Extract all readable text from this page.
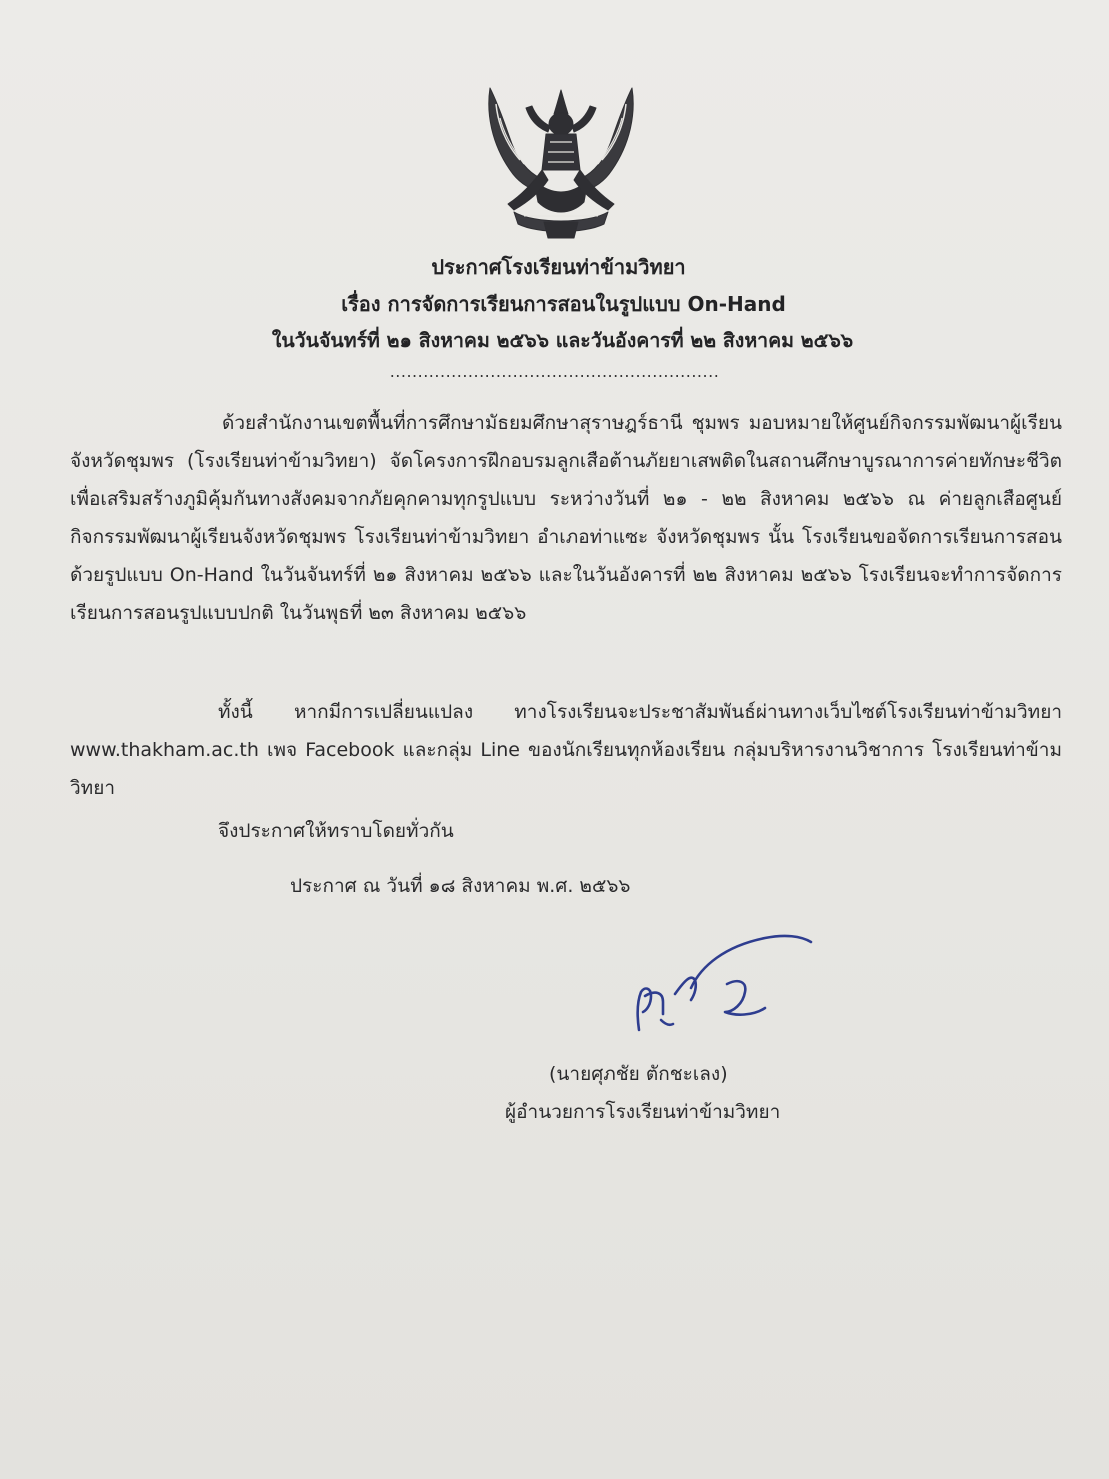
ประกาศโรงเรียนท่าข้ามวิทยา
เรื่อง การจัดการเรียนการสอนในรูปแบบ On-Hand
ในวันจันทร์ที่ ๒๑ สิงหาคม ๒๕๖๖ และวันอังคารที่ ๒๒ สิงหาคม ๒๕๖๖
...........................................................
ด้วยสำนักงานเขตพื้นที่การศึกษามัธยมศึกษาสุราษฎร์ธานี ชุมพร มอบหมายให้ศูนย์กิจกรรมพัฒนาผู้เรียนจังหวัดชุมพร (โรงเรียนท่าข้ามวิทยา) จัดโครงการฝึกอบรมลูกเสือต้านภัยยาเสพติดในสถานศึกษาบูรณาการค่ายทักษะชีวิต เพื่อเสริมสร้างภูมิคุ้มกันทางสังคมจากภัยคุกคามทุกรูปแบบ ระหว่างวันที่ ๒๑ - ๒๒ สิงหาคม ๒๕๖๖ ณ ค่ายลูกเสือศูนย์กิจกรรมพัฒนาผู้เรียนจังหวัดชุมพร โรงเรียนท่าข้ามวิทยา อำเภอท่าแซะ จังหวัดชุมพร นั้น โรงเรียนขอจัดการเรียนการสอนด้วยรูปแบบ On-Hand ในวันจันทร์ที่ ๒๑ สิงหาคม ๒๕๖๖ และในวันอังคารที่ ๒๒ สิงหาคม ๒๕๖๖ โรงเรียนจะทำการจัดการเรียนการสอนรูปแบบปกติ ในวันพุธที่ ๒๓ สิงหาคม ๒๕๖๖
ทั้งนี้ หากมีการเปลี่ยนแปลง ทางโรงเรียนจะประชาสัมพันธ์ผ่านทางเว็บไซต์โรงเรียนท่าข้ามวิทยา www.thakham.ac.th เพจ Facebook และกลุ่ม Line ของนักเรียนทุกห้องเรียน กลุ่มบริหารงานวิชาการ โรงเรียนท่าข้ามวิทยา
จึงประกาศให้ทราบโดยทั่วกัน
ประกาศ ณ วันที่ ๑๘ สิงหาคม พ.ศ. ๒๕๖๖
(นายศุภชัย ตักชะเลง)
ผู้อำนวยการโรงเรียนท่าข้ามวิทยา
